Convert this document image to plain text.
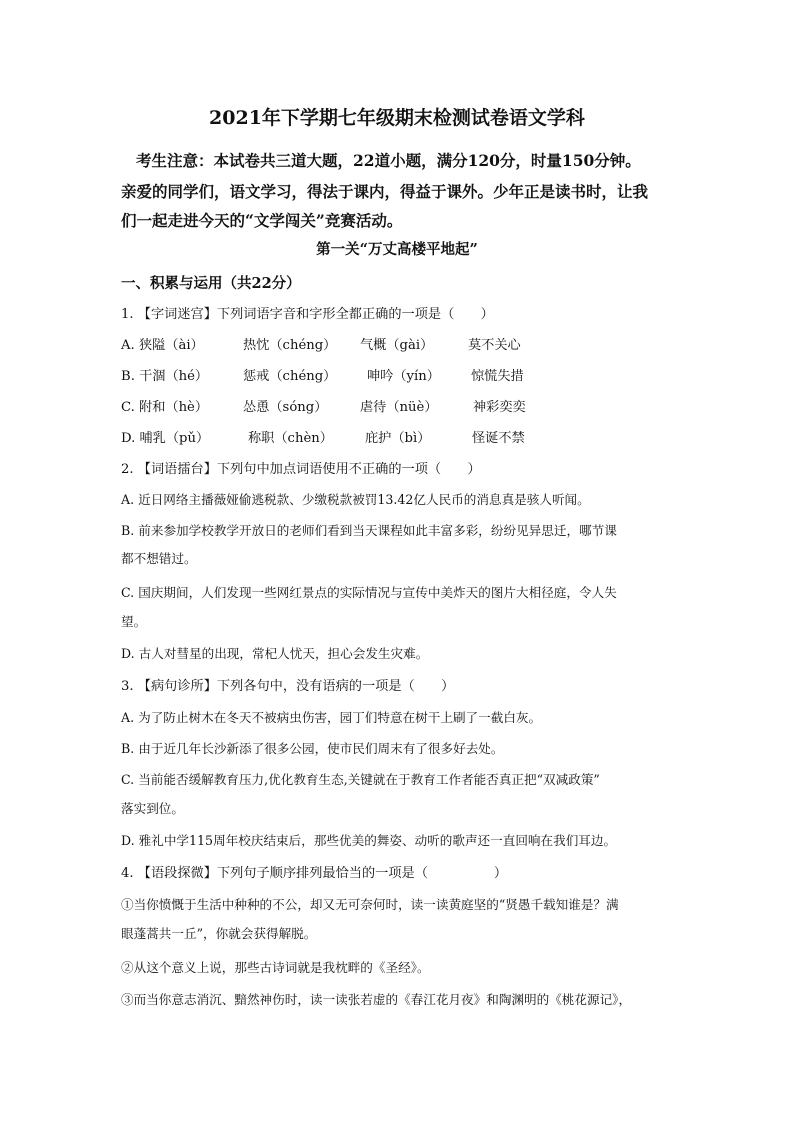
2021年下学期七年级期末检测试卷语文学科

考生注意：本试卷共三道大题，22道小题，满分120分，时量150分钟。

亲爱的同学们，语文学习，得法于课内，得益于课外。少年正是读书时，让我

们一起走进今天的“文学闯关”竞赛活动。

第一关“万丈高楼平地起”

一、积累与运用（共22分）

1. 【字词迷宫】下列词语字音和字形全都正确的一项是（　　）

A. 狭隘（ài）	热忱（chéng） 气概（gài）	莫不关心
B. 干涸（hé）	惩戒（chéng） 呻吟（yín） 惊慌失措
C. 附和（hè）	怂恿（sóng） 虐待（nüè）	神彩奕奕
D. 哺乳（pǔ）	称职（chèn） 庇护（bì）	怪诞不禁

2. 【词语擂台】下列句中加点词语使用不正确的一项（　　）

A. 近日网络主播薇娅偷逃税款、少缴税款被罚13.42亿人民币的消息真是骇人听闻。

B. 前来参加学校教学开放日的老师们看到当天课程如此丰富多彩，纷纷见异思迁，哪节课

都不想错过。

C. 国庆期间，人们发现一些网红景点的实际情况与宣传中美炸天的图片大相径庭，令人失

望。

D. 古人对彗星的出现，常杞人忧天，担心会发生灾难。

3. 【病句诊所】下列各句中，没有语病的一项是（　　）

A. 为了防止树木在冬天不被病虫伤害，园丁们特意在树干上刷了一截白灰。

B. 由于近几年长沙新添了很多公园，使市民们周末有了很多好去处。

C. 当前能否缓解教育压力,优化教育生态,关键就在于教育工作者能否真正把“双减政策”

落实到位。

D. 雅礼中学115周年校庆结束后，那些优美的舞姿、动听的歌声还一直回响在我们耳边。

4. 【语段探微】下列句子顺序排列最恰当的一项是（　　　　　）

①当你愤慨于生活中种种的不公，却又无可奈何时，读一读黄庭坚的“贤愚千载知谁是？满

眼蓬蒿共一丘”，你就会获得解脱。

②从这个意义上说，那些古诗词就是我枕畔的《圣经》。

③而当你意志消沉、黯然神伤时，读一读张若虚的《春江花月夜》和陶渊明的《桃花源记》，
